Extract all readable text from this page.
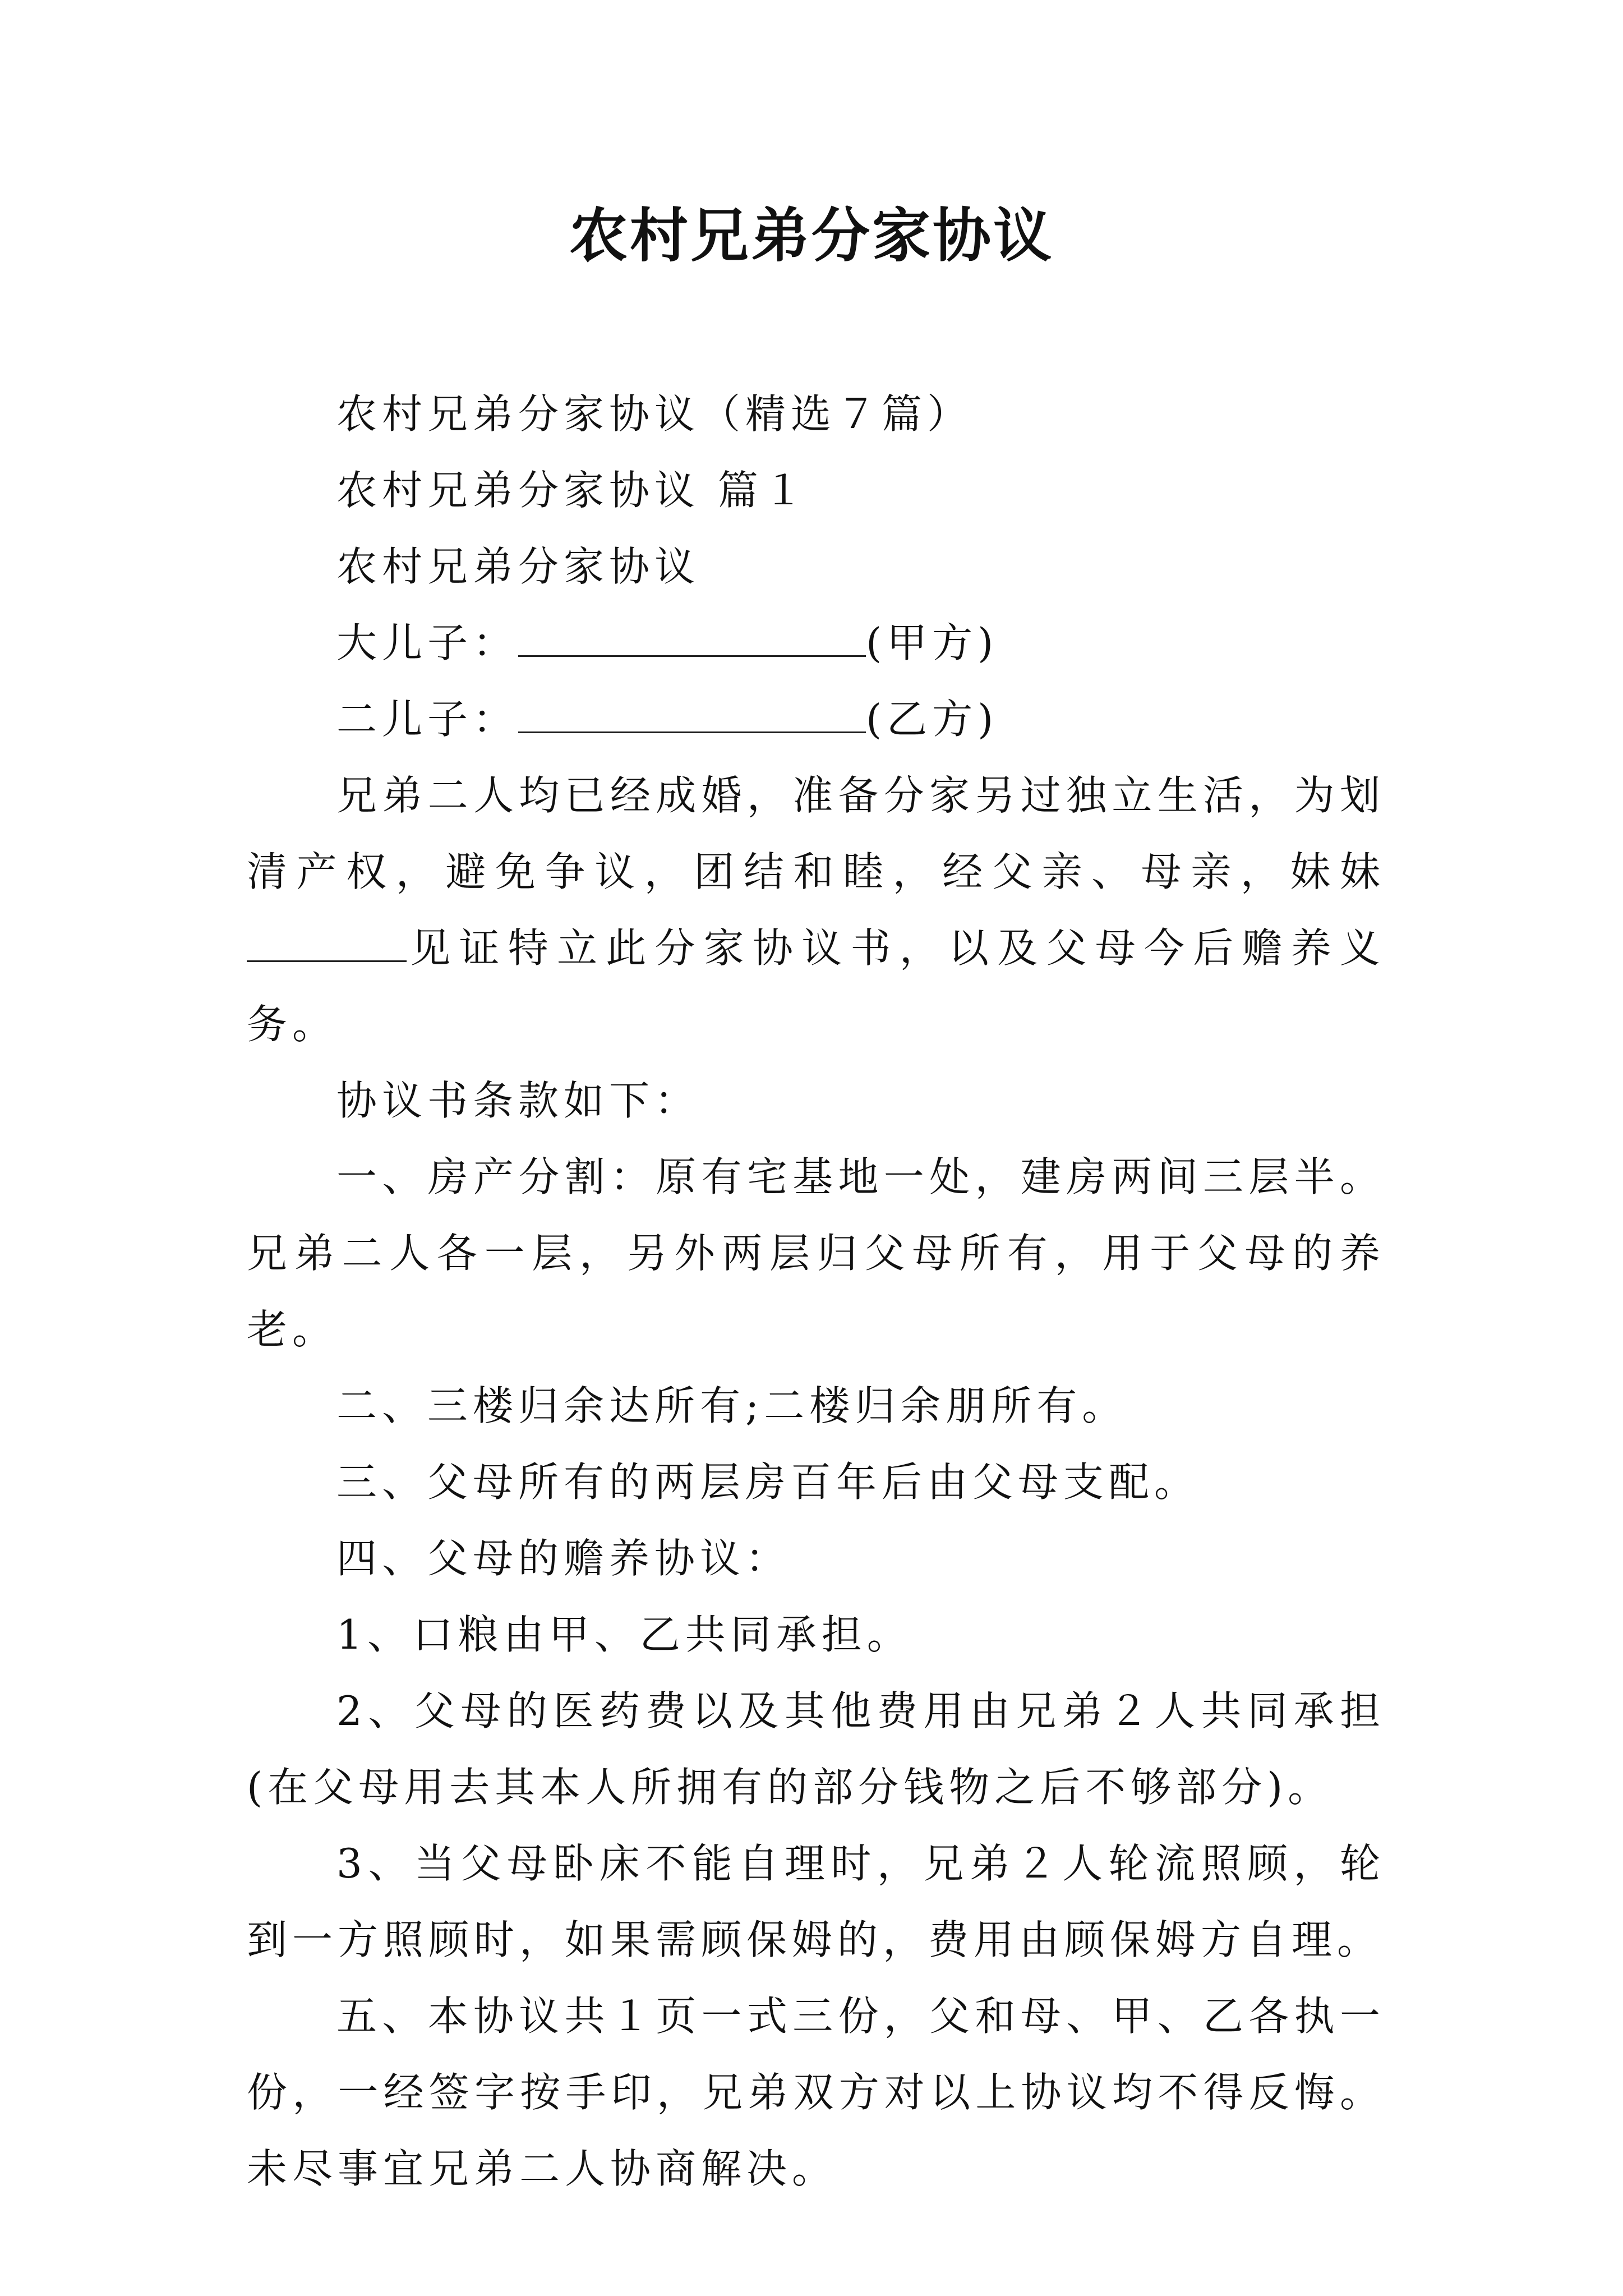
农村兄弟分家协议

农村兄弟分家协议（精选７篇）

农村兄弟分家协议 篇１

农村兄弟分家协议

大儿子：	(甲方)

二儿子：	(乙方)

兄弟二人均已经成婚，准备分家另过独立生活，为划清产权，避免争议，团结和睦，经父亲、母亲，妹妹见证特立此分家协议书，以及父母今后赡养义务。

协议书条款如下：

一、房产分割：原有宅基地一处，建房两间三层半。兄弟二人各一层，另外两层归父母所有，用于父母的养老。

二、三楼归余达所有;二楼归余朋所有。

三、父母所有的两层房百年后由父母支配。

四、父母的赡养协议：

1、口粮由甲、乙共同承担。

2、父母的医药费以及其他费用由兄弟２人共同承担(在父母用去其本人所拥有的部分钱物之后不够部分)。

3、当父母卧床不能自理时，兄弟２人轮流照顾，轮到一方照顾时，如果需顾保姆的，费用由顾保姆方自理。

五、本协议共１页一式三份，父和母、甲、乙各执一份，一经签字按手印，兄弟双方对以上协议均不得反悔。未尽事宜兄弟二人协商解决。
